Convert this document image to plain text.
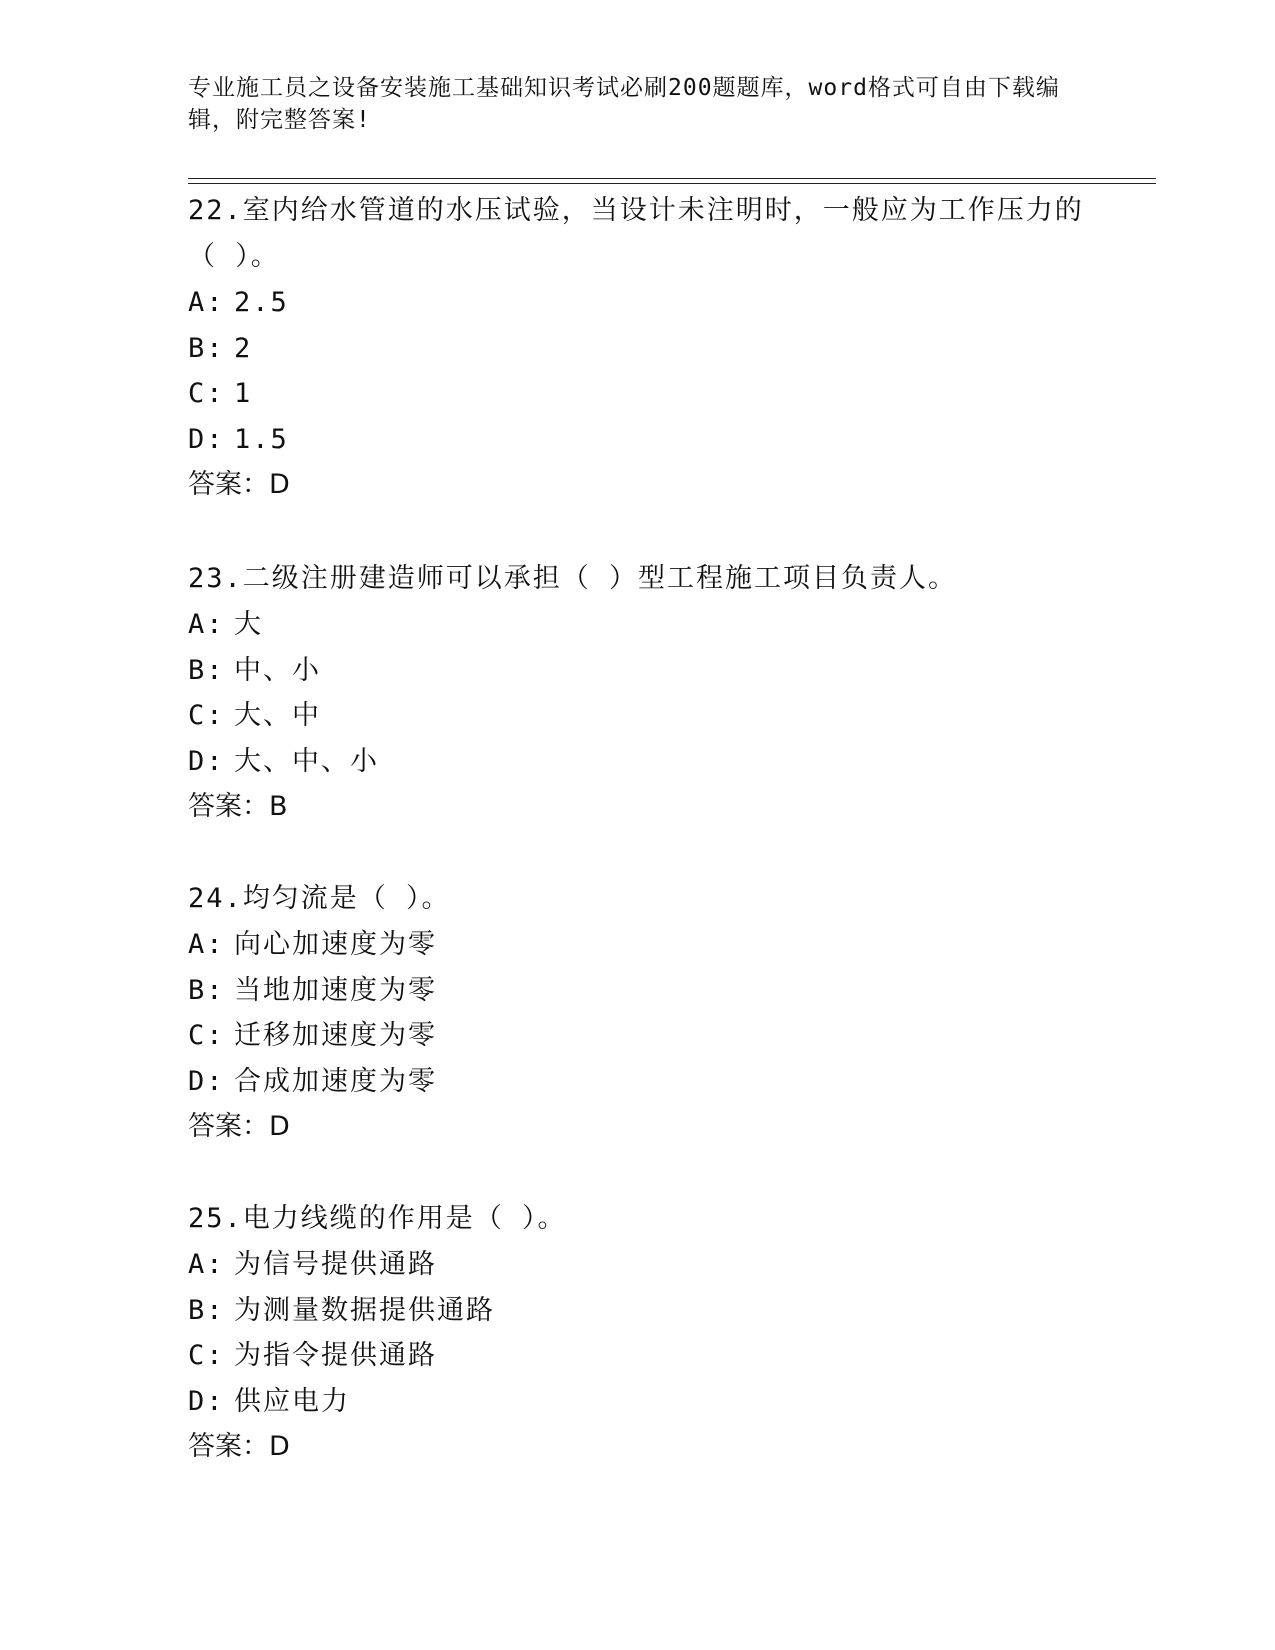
专业施工员之设备安装施工基础知识考试必刷200题题库，word格式可自由下载编辑，附完整答案!

22.室内给水管道的水压试验，当设计未注明时，一般应为工作压力的（ ）。

A: 2.5

B: 2

C: 1

D: 1.5

答案：D

23.二级注册建造师可以承担（ ）型工程施工项目负责人。

A: 大

B: 中、小

C: 大、中

D: 大、中、小

答案：B

24.均匀流是（ ）。

A: 向心加速度为零

B: 当地加速度为零

C: 迁移加速度为零

D: 合成加速度为零

答案：D

25.电力线缆的作用是（ ）。

A: 为信号提供通路

B: 为测量数据提供通路

C: 为指令提供通路

D: 供应电力

答案：D
